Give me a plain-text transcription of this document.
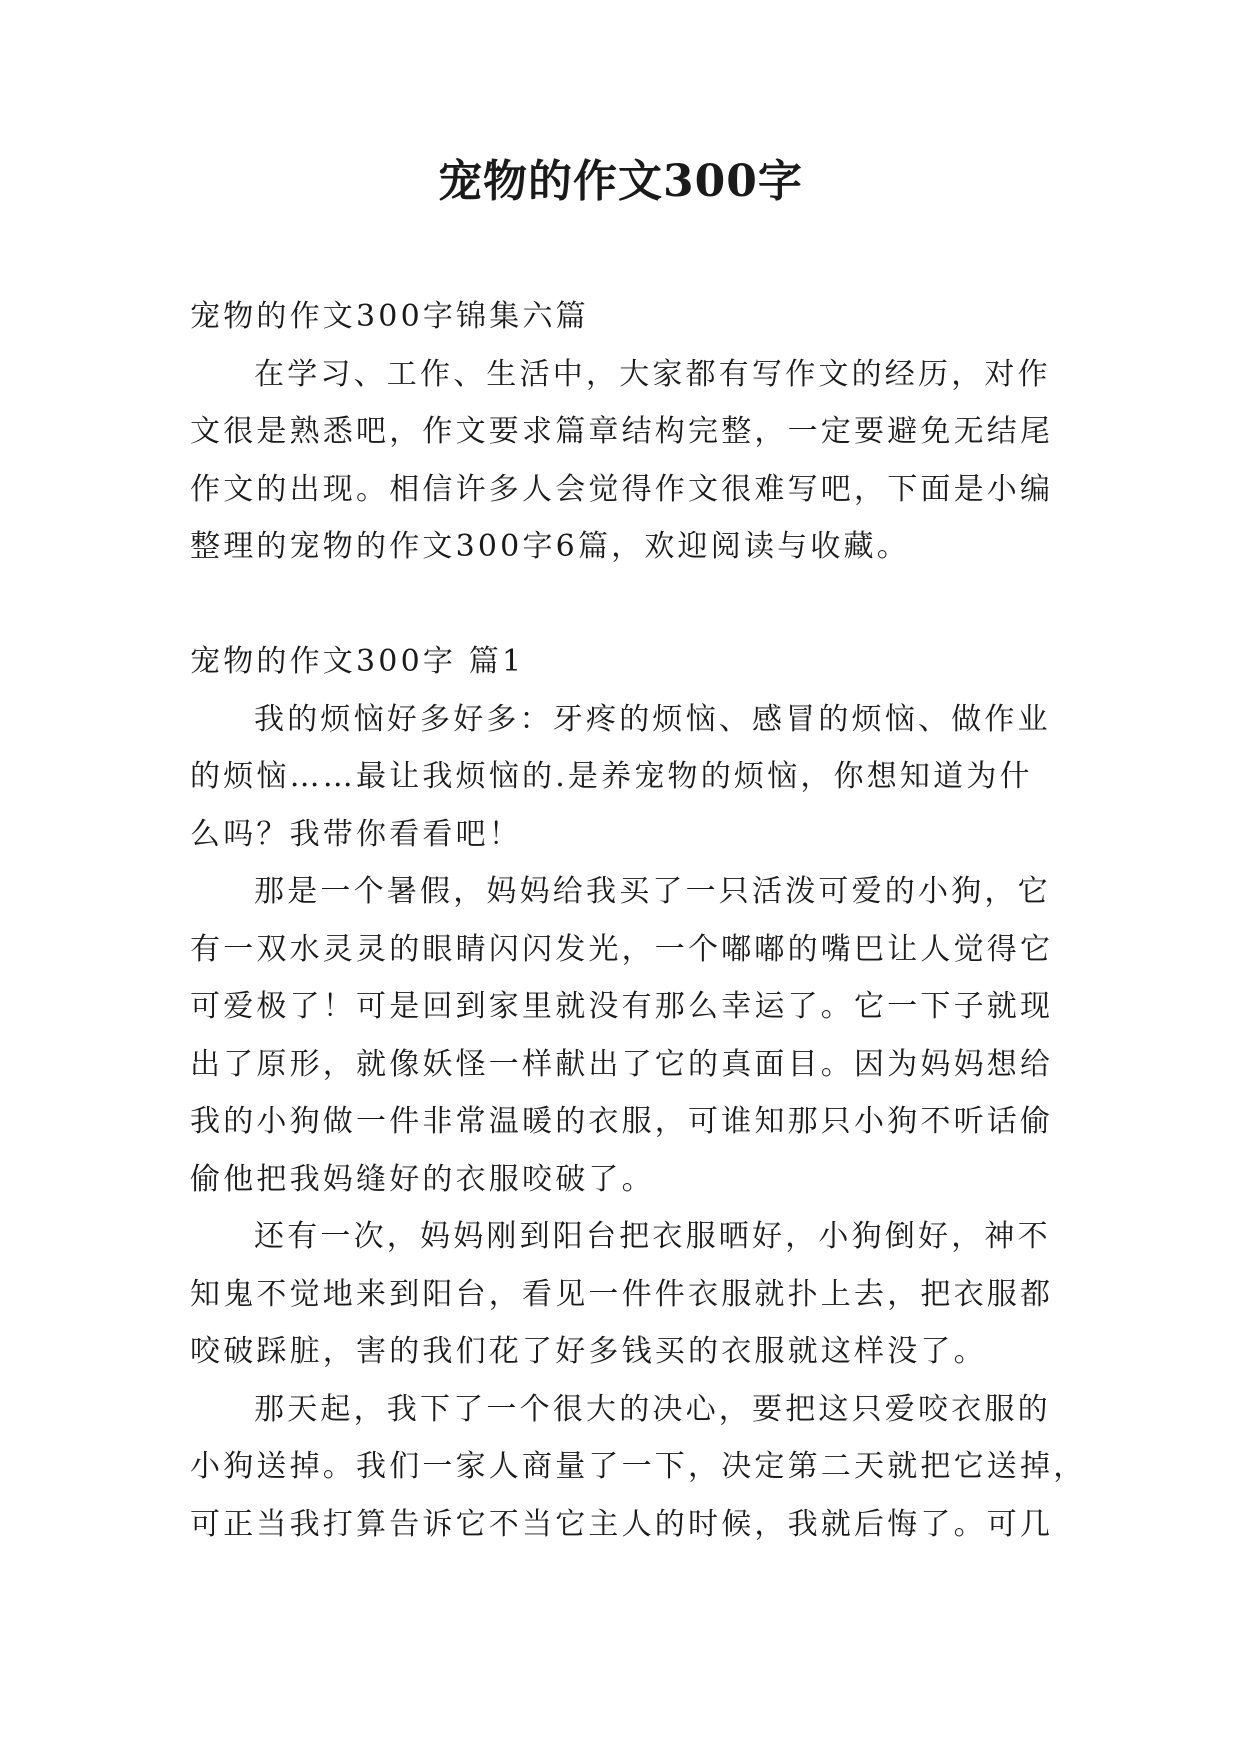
宠物的作文300字

宠物的作文300字锦集六篇

在学习、工作、生活中，大家都有写作文的经历，对作

文很是熟悉吧，作文要求篇章结构完整，一定要避免无结尾

作文的出现。相信许多人会觉得作文很难写吧，下面是小编

整理的宠物的作文300字6篇，欢迎阅读与收藏。

宠物的作文300字 篇1

我的烦恼好多好多：牙疼的烦恼、感冒的烦恼、做作业

的烦恼……最让我烦恼的.是养宠物的烦恼，你想知道为什

么吗？我带你看看吧！

那是一个暑假，妈妈给我买了一只活泼可爱的小狗，它

有一双水灵灵的眼睛闪闪发光，一个嘟嘟的嘴巴让人觉得它

可爱极了！可是回到家里就没有那么幸运了。它一下子就现

出了原形，就像妖怪一样献出了它的真面目。因为妈妈想给

我的小狗做一件非常温暖的衣服，可谁知那只小狗不听话偷

偷他把我妈缝好的衣服咬破了。

还有一次，妈妈刚到阳台把衣服晒好，小狗倒好，神不

知鬼不觉地来到阳台，看见一件件衣服就扑上去，把衣服都

咬破踩脏，害的我们花了好多钱买的衣服就这样没了。

那天起，我下了一个很大的决心，要把这只爱咬衣服的

小狗送掉。我们一家人商量了一下，决定第二天就把它送掉，

可正当我打算告诉它不当它主人的时候，我就后悔了。可几
